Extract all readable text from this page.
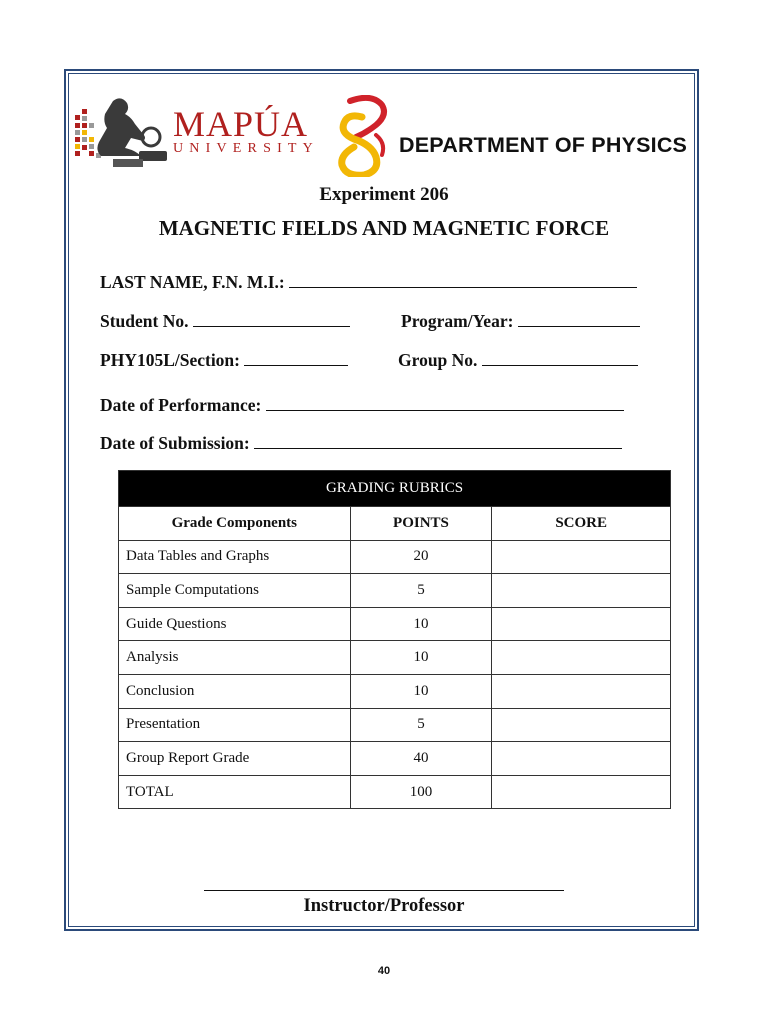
MAPÚA
UNIVERSITY	DEPARTMENT OF PHYSICS
Experiment 206
MAGNETIC FIELDS AND MAGNETIC FORCE
LAST NAME, F.N. M.I.:
Student No.	Program/Year:
PHY105L/Section:	Group No.
Date of Performance:
Date of Submission:
GRADING RUBRICS		
Grade Components	POINTS	SCORE
Data Tables and Graphs	20	
Sample Computations	5	
Guide Questions	10	
Analysis	10	
Conclusion	10	
Presentation	5	
Group Report Grade	40	
TOTAL	100	
Instructor/Professor
40
